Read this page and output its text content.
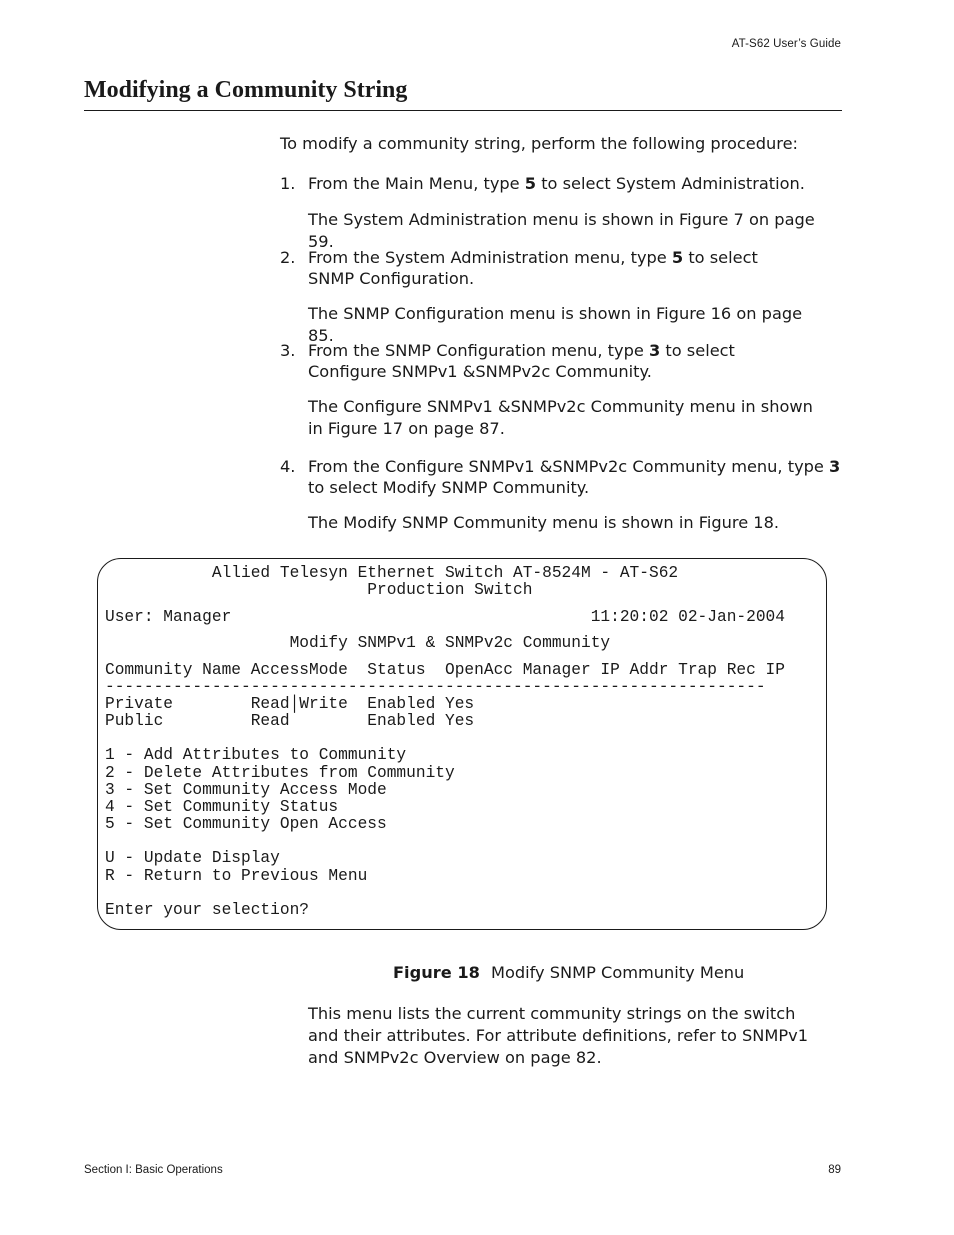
AT-S62 User’s Guide
Modifying a Community String
To modify a community string, perform the following procedure:
1. From the Main Menu, type 5 to select System Administration.
The System Administration menu is shown in Figure 7 on page 59.
2. From the System Administration menu, type 5 to select SNMP Configuration.
The SNMP Configuration menu is shown in Figure 16 on page 85.
3. From the SNMP Configuration menu, type 3 to select Configure SNMPv1 &SNMPv2c Community.
The Configure SNMPv1 &SNMPv2c Community menu in shown in Figure 17 on page 87.
4. From the Configure SNMPv1 &SNMPv2c Community menu, type 3 to select Modify SNMP Community.
The Modify SNMP Community menu is shown in Figure 18.
Allied Telesyn Ethernet Switch AT-8524M - AT-S62
Production Switch
User: Manager                                     11:20:02 02-Jan-2004
Modify SNMPv1 & SNMPv2c Community
Community Name AccessMode  Status  OpenAcc Manager IP Addr Trap Rec IP
--------------------------------------------------------------------
Private        Read│Write  Enabled Yes
Public         Read        Enabled Yes
1 - Add Attributes to Community
2 - Delete Attributes from Community
3 - Set Community Access Mode
4 - Set Community Status
5 - Set Community Open Access
U - Update Display
R - Return to Previous Menu
Enter your selection?
Figure 18 Modify SNMP Community Menu
This menu lists the current community strings on the switch and their attributes. For attribute definitions, refer to SNMPv1 and SNMPv2c Overview on page 82.
Section I: Basic Operations	89
